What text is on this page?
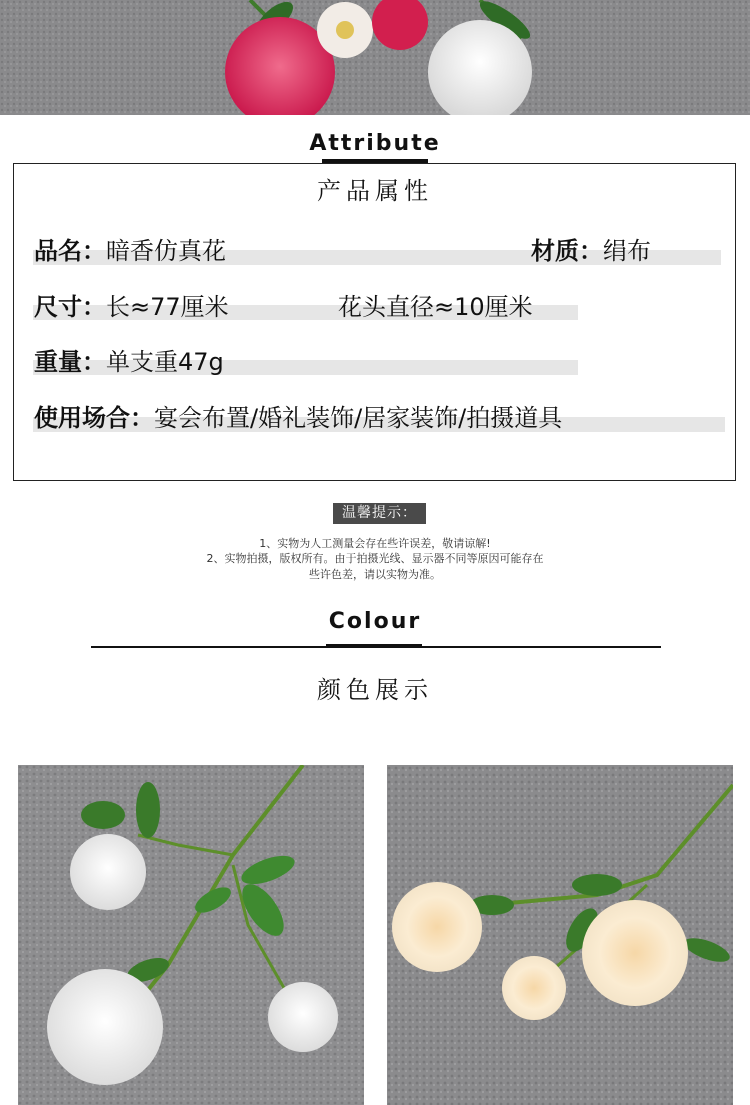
Attribute
产品属性
品名：暗香仿真花	材质：绢布
尺寸：长≈77厘米	花头直径≈10厘米
重量：单支重47g
使用场合：宴会布置/婚礼装饰/居家装饰/拍摄道具
温馨提示：
1、实物为人工测量会存在些许误差，敬请谅解!
2、实物拍摄，版权所有。由于拍摄光线、显示器不同等原因可能存在
些许色差，请以实物为准。
Colour
颜色展示
